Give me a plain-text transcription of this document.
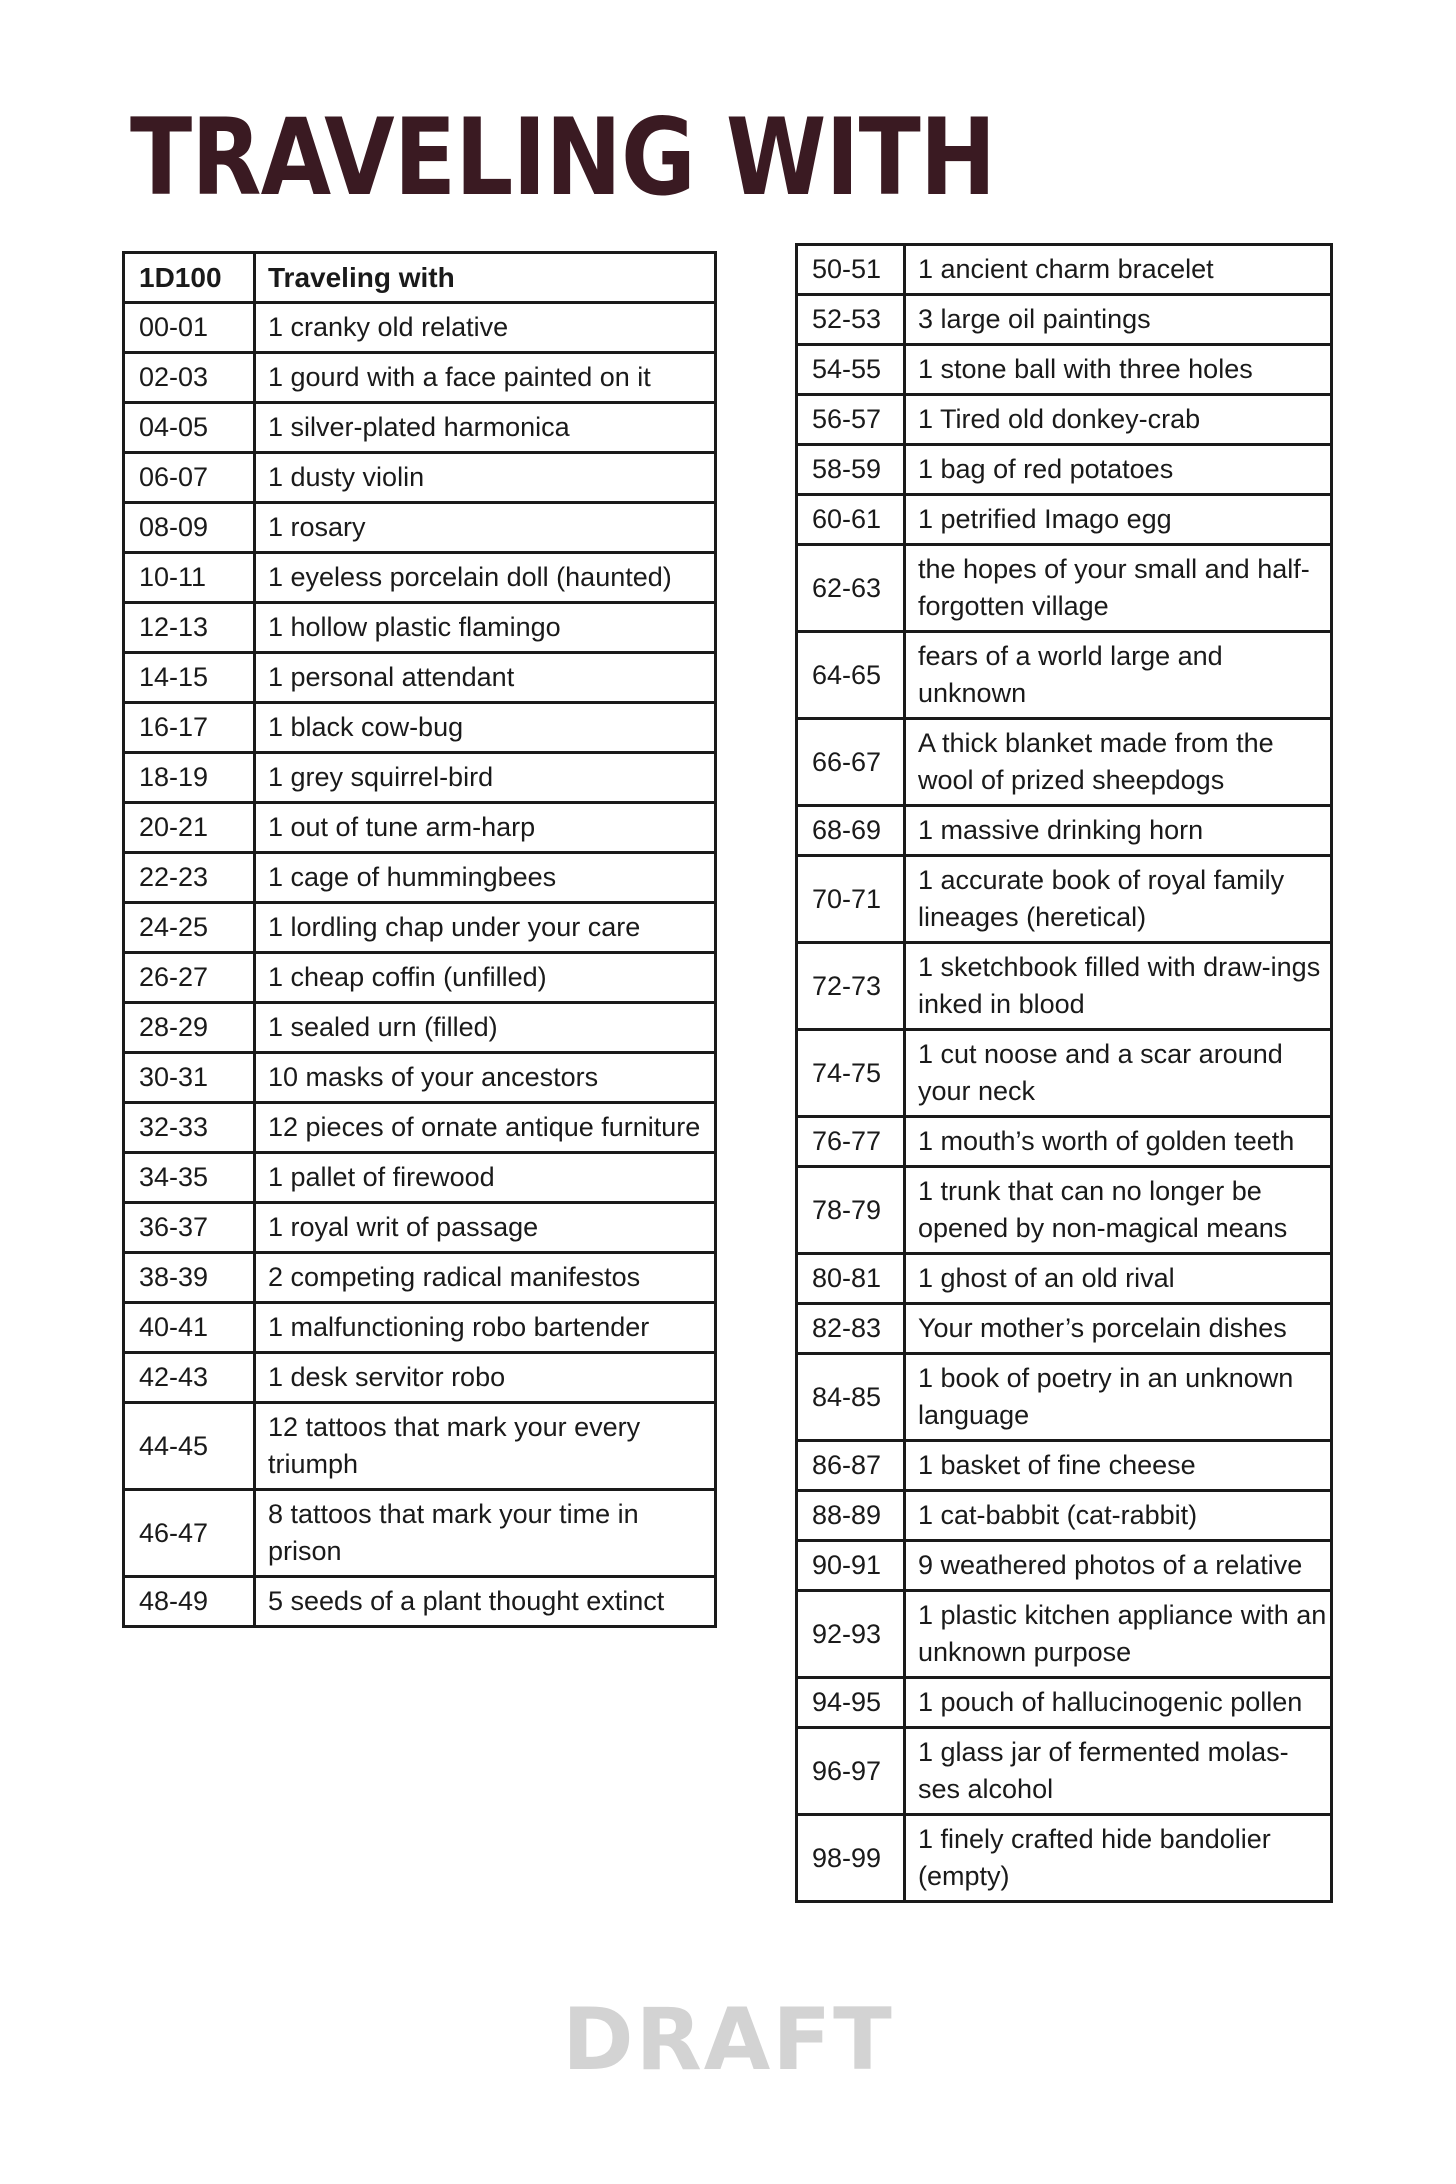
TRAVELING WITH
1D100	Traveling with
00-01	1 cranky old relative
02-03	1 gourd with a face painted on it
04-05	1 silver-plated harmonica
06-07	1 dusty violin
08-09	1 rosary
10-11	1 eyeless porcelain doll (haunted)
12-13	1 hollow plastic flamingo
14-15	1 personal attendant
16-17	1 black cow-bug
18-19	1 grey squirrel-bird
20-21	1 out of tune arm-harp
22-23	1 cage of hummingbees
24-25	1 lordling chap under your care
26-27	1 cheap coffin (unfilled)
28-29	1 sealed urn (filled)
30-31	10 masks of your ancestors
32-33	12 pieces of ornate antique furniture
34-35	1 pallet of firewood
36-37	1 royal writ of passage
38-39	2 competing radical manifestos
40-41	1 malfunctioning robo bartender
42-43	1 desk servitor robo
44-45	12 tattoos that mark your every triumph
46-47	8 tattoos that mark your time in prison
48-49	5 seeds of a plant thought extinct
50-51	1 ancient charm bracelet
52-53	3 large oil paintings
54-55	1 stone ball with three holes
56-57	1 Tired old donkey-crab
58-59	1 bag of red potatoes
60-61	1 petrified Imago egg
62-63	the hopes of your small and half-forgotten village
64-65	fears of a world large and unknown
66-67	A thick blanket made from the wool of prized sheepdogs
68-69	1 massive drinking horn
70-71	1 accurate book of royal family lineages (heretical)
72-73	1 sketchbook filled with draw-ings inked in blood
74-75	1 cut noose and a scar around your neck
76-77	1 mouth’s worth of golden teeth
78-79	1 trunk that can no longer be opened by non-magical means
80-81	1 ghost of an old rival
82-83	Your mother’s porcelain dishes
84-85	1 book of poetry in an unknown language
86-87	1 basket of fine cheese
88-89	1 cat-babbit (cat-rabbit)
90-91	9 weathered photos of a relative
92-93	1 plastic kitchen appliance with an unknown purpose
94-95	1 pouch of hallucinogenic pollen
96-97	1 glass jar of fermented molas-ses alcohol
98-99	1 finely crafted hide bandolier (empty)
DRAFT
